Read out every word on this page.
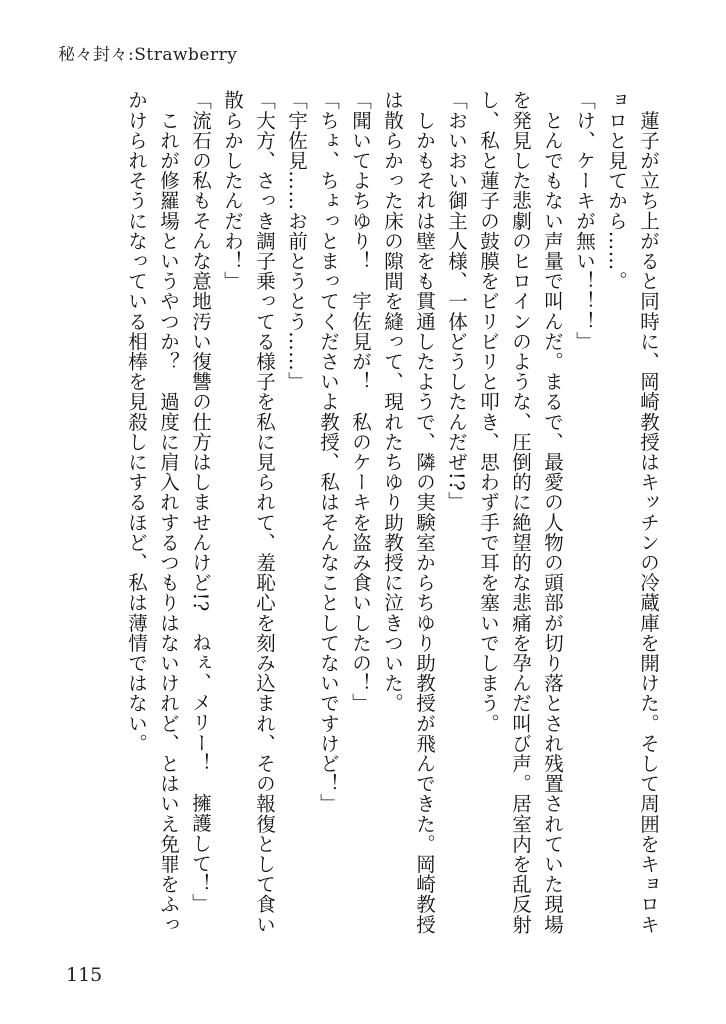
秘々封々:Strawberry
　蓮子が立ち上がると同時に、岡崎教授はキッチンの冷蔵庫を開けた。そして周囲をキョロキ
ョロと見てから……。
「け、ケーキが無い！！！」
　とんでもない声量で叫んだ。まるで、最愛の人物の頭部が切り落とされ残置されていた現場
を発見した悲劇のヒロインのような、圧倒的に絶望的な悲痛を孕んだ叫び声。居室内を乱反射
し、私と蓮子の鼓膜をビリビリと叩き、思わず手で耳を塞いでしまう。
「おいおい御主人様、一体どうしたんだぜ!?」
　しかもそれは壁をも貫通したようで、隣の実験室からちゆり助教授が飛んできた。岡崎教授
は散らかった床の隙間を縫って、現れたちゆり助教授に泣きついた。
「聞いてよちゆり！　宇佐見が！　私のケーキを盗み食いしたの！」
「ちょ、ちょっとまってくださいよ教授、私はそんなことしてないですけど！」
「宇佐見……お前とうとう……」
「大方、さっき調子乗ってる様子を私に見られて、羞恥心を刻み込まれ、その報復として食い
散らかしたんだわ！」
「流石の私もそんな意地汚い復讐の仕方はしませんけど!?　ねぇ、メリー！　擁護して！」
　これが修羅場というやつか？　過度に肩入れするつもりはないけれど、とはいえ免罪をふっ
かけられそうになっている相棒を見殺しにするほど、私は薄情ではない。
115
